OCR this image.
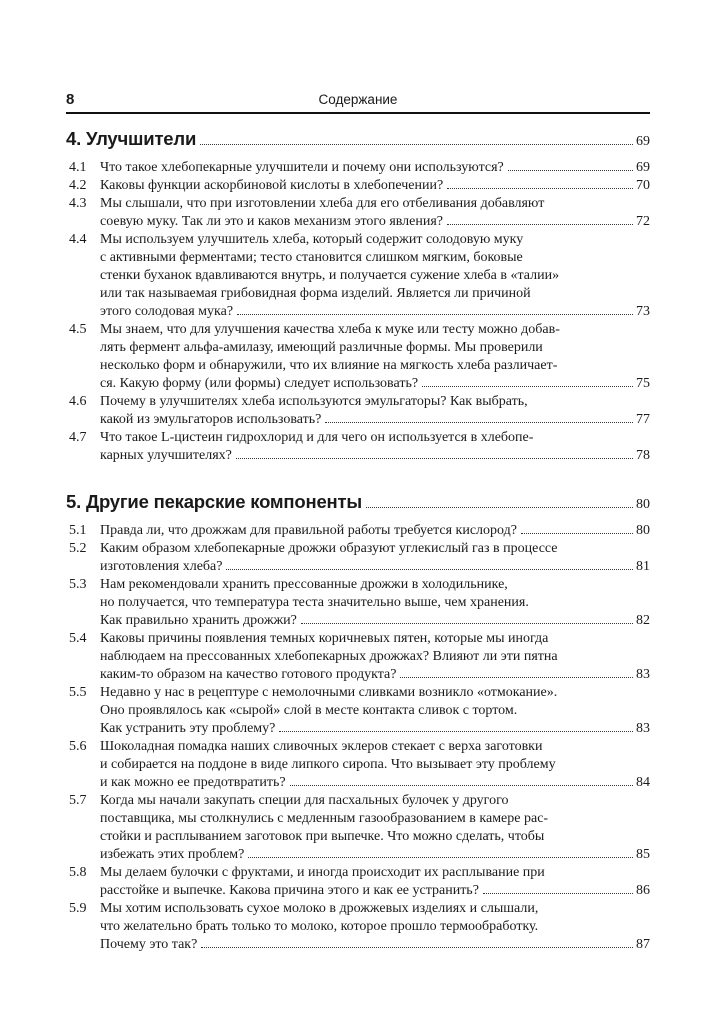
8	Содержание
4. Улучшители	69
4.1 Что такое хлебопекарные улучшители и почему они используются?	69
4.2 Каковы функции аскорбиновой кислоты в хлебопечении?	70
4.3 Мы слышали, что при изготовлении хлеба для его отбеливания добавляют
соевую муку. Так ли это и каков механизм этого явления?	72
4.4 Мы используем улучшитель хлеба, который содержит солодовую муку
с активными ферментами; тесто становится слишком мягким, боковые
стенки буханок вдавливаются внутрь, и получается сужение хлеба в «талии»
или так называемая грибовидная форма изделий. Является ли причиной
этого солодовая мука?	73
4.5 Мы знаем, что для улучшения качества хлеба к муке или тесту можно добав-
лять фермент альфа-амилазу, имеющий различные формы. Мы проверили
несколько форм и обнаружили, что их влияние на мягкость хлеба различает-
ся. Какую форму (или формы) следует использовать?	75
4.6 Почему в улучшителях хлеба используются эмульгаторы? Как выбрать,
какой из эмульгаторов использовать?	77
4.7 Что такое L-цистеин гидрохлорид и для чего он используется в хлебопе-
карных улучшителях?	78
5. Другие пекарские компоненты	80
5.1 Правда ли, что дрожжам для правильной работы требуется кислород?	80
5.2 Каким образом хлебопекарные дрожжи образуют углекислый газ в процессе
изготовления хлеба?	81
5.3 Нам рекомендовали хранить прессованные дрожжи в холодильнике,
но получается, что температура теста значительно выше, чем хранения.
Как правильно хранить дрожжи?	82
5.4 Каковы причины появления темных коричневых пятен, которые мы иногда
наблюдаем на прессованных хлебопекарных дрожжах? Влияют ли эти пятна
каким-то образом на качество готового продукта?	83
5.5 Недавно у нас в рецептуре с немолочными сливками возникло «отмокание».
Оно проявлялось как «сырой» слой в месте контакта сливок с тортом.
Как устранить эту проблему?	83
5.6 Шоколадная помадка наших сливочных эклеров стекает с верха заготовки
и собирается на поддоне в виде липкого сиропа. Что вызывает эту проблему
и как можно ее предотвратить?	84
5.7 Когда мы начали закупать специи для пасхальных булочек у другого
поставщика, мы столкнулись с медленным газообразованием в камере рас-
стойки и расплыванием заготовок при выпечке. Что можно сделать, чтобы
избежать этих проблем?	85
5.8 Мы делаем булочки с фруктами, и иногда происходит их расплывание при
расстойке и выпечке. Какова причина этого и как ее устранить?	86
5.9 Мы хотим использовать сухое молоко в дрожжевых изделиях и слышали,
что желательно брать только то молоко, которое прошло термообработку.
Почему это так?	87
